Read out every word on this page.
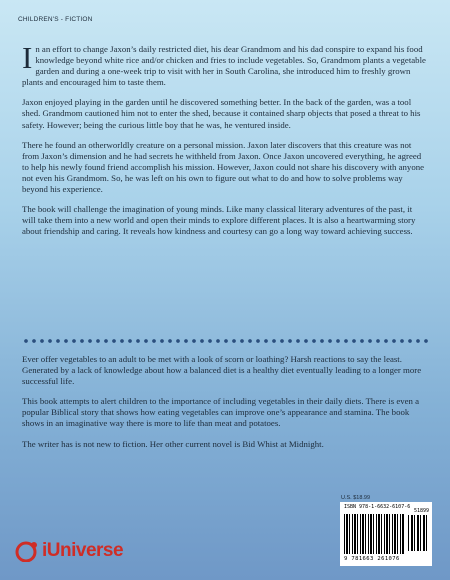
CHILDREN'S - FICTION

In an effort to change Jaxon’s daily restricted diet, his dear Grandmom and his dad conspire to expand his food knowledge beyond white rice and/or chicken and fries to include vegetables. So, Grandmom plants a vegetable garden and during a one-week trip to visit with her in South Carolina, she introduced him to freshly grown plants and encouraged him to taste them.

Jaxon enjoyed playing in the garden until he discovered something better. In the back of the garden, was a tool shed. Grandmom cautioned him not to enter the shed, because it contained sharp objects that posed a threat to his safety. However; being the curious little boy that he was, he ventured inside.

There he found an otherworldly creature on a personal mission. Jaxon later discovers that this creature was not from Jaxon’s dimension and he had secrets he withheld from Jaxon. Once Jaxon uncovered everything, he agreed to help his newly found friend accomplish his mission. However, Jaxon could not share his discovery with anyone not even his Grandmom. So, he was left on his own to figure out what to do and how to solve problems way beyond his experience.

The book will challenge the imagination of young minds. Like many classical literary adventures of the past, it will take them into a new world and open their minds to explore different places. It is also a heartwarming story about friendship and caring. It reveals how kindness and courtesy can go a long way toward achieving success.

Ever offer vegetables to an adult to be met with a look of scorn or loathing? Harsh reactions to say the least. Generated by a lack of knowledge about how a balanced diet is a healthy diet eventually leading to a longer more successful life.

This book attempts to alert children to the importance of including vegetables in their daily diets. There is even a popular Biblical story that shows how eating vegetables can improve one’s appearance and stamina. The book shows in an imaginative way there is more to life than meat and potatoes.

The writer has is not new to fiction. Her other current novel is Bid Whist at Midnight.

U.S. $18.99
ISBN 978-1-6632-6107-6
51899
9 781663 261076
iUniverse
